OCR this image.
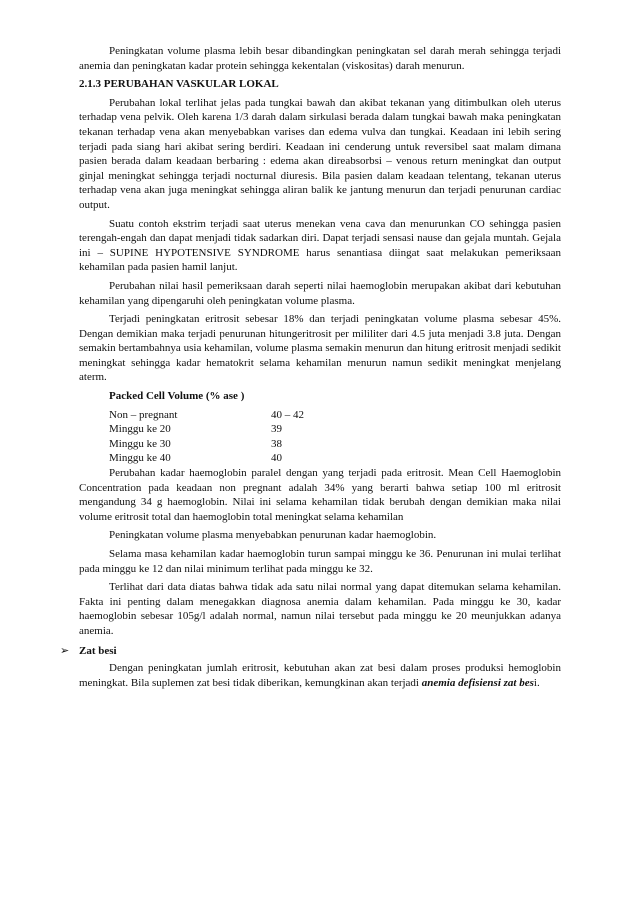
Peningkatan volume plasma lebih besar dibandingkan peningkatan sel darah merah sehingga terjadi anemia dan peningkatan kadar protein sehingga kekentalan (viskositas) darah menurun.

2.1.3 PERUBAHAN VASKULAR LOKAL

Perubahan lokal terlihat jelas pada tungkai bawah dan akibat tekanan yang ditimbulkan oleh uterus terhadap vena pelvik. Oleh karena 1/3 darah dalam sirkulasi berada dalam tungkai bawah maka peningkatan tekanan terhadap vena akan menyebabkan varises dan edema vulva dan tungkai. Keadaan ini lebih sering terjadi pada siang hari akibat sering berdiri. Keadaan ini cenderung untuk reversibel saat malam dimana pasien berada dalam keadaan berbaring : edema akan direabsorbsi – venous return meningkat dan output ginjal meningkat sehingga terjadi nocturnal diuresis. Bila pasien dalam keadaan telentang, tekanan uterus terhadap vena akan juga meningkat sehingga aliran balik ke jantung menurun dan terjadi penurunan cardiac output.

Suatu contoh ekstrim terjadi saat uterus menekan vena cava dan menurunkan CO sehingga pasien terengah-engah dan dapat menjadi tidak sadarkan diri. Dapat terjadi sensasi nause dan gejala muntah. Gejala ini – SUPINE HYPOTENSIVE SYNDROME harus senantiasa diingat saat melakukan pemeriksaan kehamilan pada pasien hamil lanjut.

Perubahan nilai hasil pemeriksaan darah seperti nilai haemoglobin merupakan akibat dari kebutuhan kehamilan yang dipengaruhi oleh peningkatan volume plasma.

Terjadi peningkatan eritrosit sebesar 18% dan terjadi peningkatan volume plasma sebesar 45%. Dengan demikian maka terjadi penurunan hitungeritrosit per mililiter dari 4.5 juta menjadi 3.8 juta. Dengan semakin bertambahnya usia kehamilan, volume plasma semakin menurun dan hitung eritrosit menjadi sedikit meningkat sehingga kadar hematokrit selama kehamilan menurun namun sedikit meningkat menjelang aterm.

Packed Cell Volume (% ase )
Non – pregnant	40 – 42
Minggu ke 20	39
Minggu ke 30	38
Minggu ke 40	40

Perubahan kadar haemoglobin paralel dengan yang terjadi pada eritrosit. Mean Cell Haemoglobin Concentration pada keadaan non pregnant adalah 34% yang berarti bahwa setiap 100 ml eritrosit mengandung 34 g haemoglobin. Nilai ini selama kehamilan tidak berubah dengan demikian maka nilai volume eritrosit total dan haemoglobin total meningkat selama kehamilan

Peningkatan volume plasma menyebabkan penurunan kadar haemoglobin.

Selama masa kehamilan kadar haemoglobin turun sampai minggu ke 36. Penurunan ini mulai terlihat pada minggu ke 12 dan nilai minimum terlihat pada minggu ke 32.

Terlihat dari data diatas bahwa tidak ada satu nilai normal yang dapat ditemukan selama kehamilan. Fakta ini penting dalam menegakkan diagnosa anemia dalam kehamilan. Pada minggu ke 30, kadar haemoglobin sebesar 105g/l adalah normal, namun nilai tersebut pada minggu ke 20 meunjukkan adanya anemia.

➢ Zat besi

Dengan peningkatan jumlah eritrosit, kebutuhan akan zat besi dalam proses produksi hemoglobin meningkat. Bila suplemen zat besi tidak diberikan, kemungkinan akan terjadi anemia defisiensi zat besi.
